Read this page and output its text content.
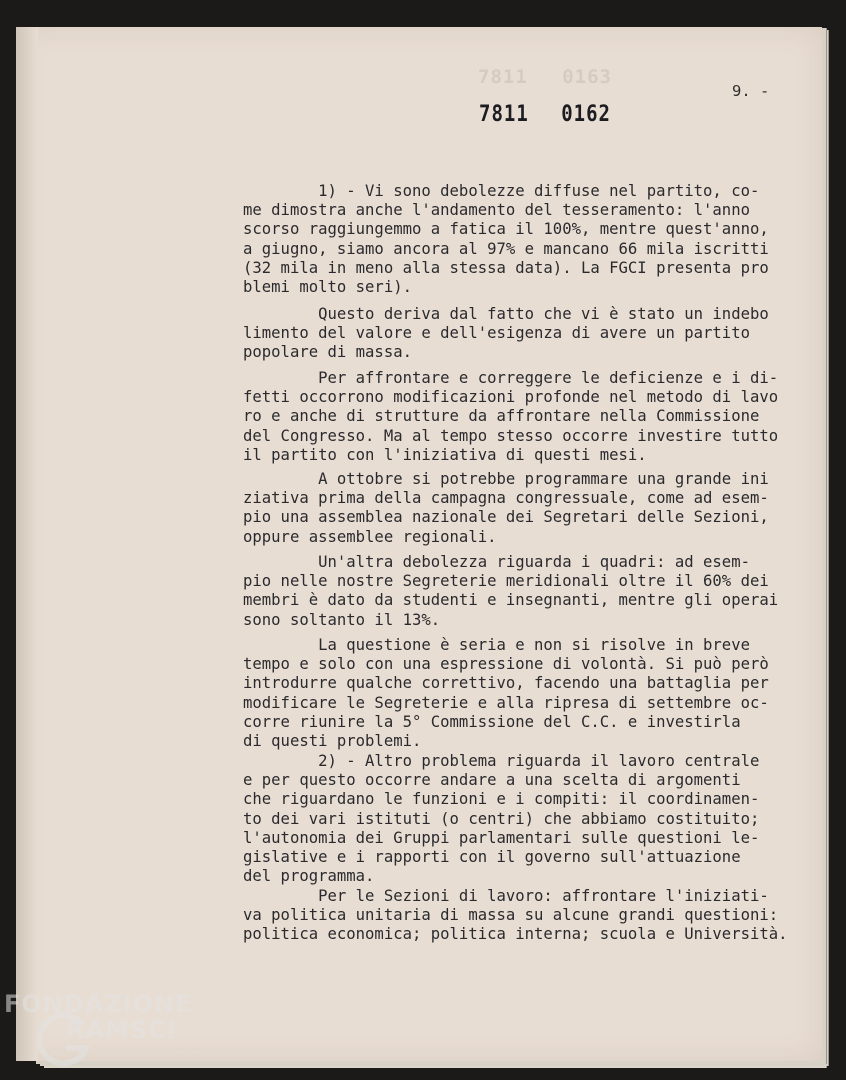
7811 0163
7811 0162
9. -
1) - Vi sono debolezze diffuse nel partito, co-
me dimostra anche l'andamento del tesseramento: l'anno
scorso raggiungemmo a fatica il 100%, mentre quest'anno,
a giugno, siamo ancora al 97% e mancano 66 mila iscritti
(32 mila in meno alla stessa data). La FGCI presenta pro
blemi molto seri).
Questo deriva dal fatto che vi è stato un indebo
limento del valore e dell'esigenza di avere un partito
popolare di massa.
Per affrontare e correggere le deficienze e i di-
fetti occorrono modificazioni profonde nel metodo di lavo
ro e anche di strutture da affrontare nella Commissione
del Congresso. Ma al tempo stesso occorre investire tutto
il partito con l'iniziativa di questi mesi.
A ottobre si potrebbe programmare una grande ini
ziativa prima della campagna congressuale, come ad esem-
pio una assemblea nazionale dei Segretari delle Sezioni,
oppure assemblee regionali.
Un'altra debolezza riguarda i quadri: ad esem-
pio nelle nostre Segreterie meridionali oltre il 60% dei
membri è dato da studenti e insegnanti, mentre gli operai
sono soltanto il 13%.
La questione è seria e non si risolve in breve
tempo e solo con una espressione di volontà. Si può però
introdurre qualche correttivo, facendo una battaglia per
modificare le Segreterie e alla ripresa di settembre oc-
corre riunire la 5° Commissione del C.C. e investirla
di questi problemi.
2) - Altro problema riguarda il lavoro centrale
e per questo occorre andare a una scelta di argomenti
che riguardano le funzioni e i compiti: il coordinamen-
to dei vari istituti (o centri) che abbiamo costituito;
l'autonomia dei Gruppi parlamentari sulle questioni le-
gislative e i rapporti con il governo sull'attuazione
del programma.
Per le Sezioni di lavoro: affrontare l'iniziati-
va politica unitaria di massa su alcune grandi questioni:
politica economica; politica interna; scuola e Università.
FONDAZIONE
RAMSCI
onlus
